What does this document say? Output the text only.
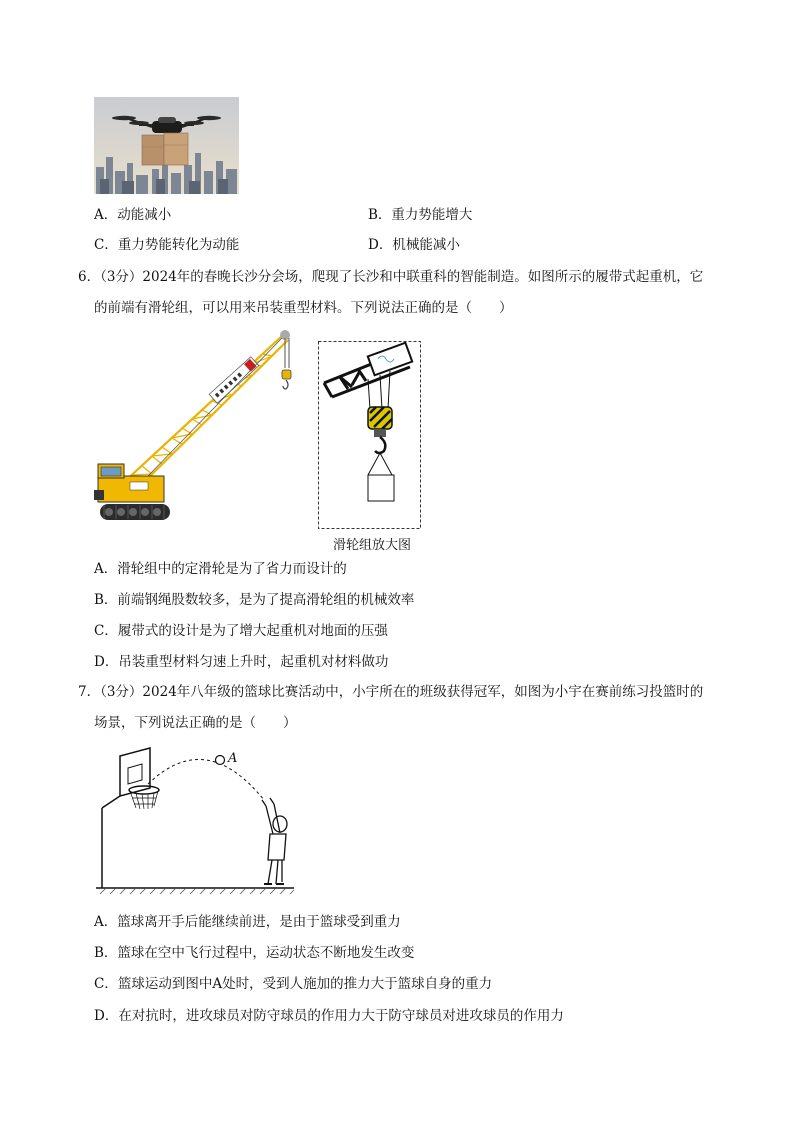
A．动能减小	B．重力势能增大
C．重力势能转化为动能	D．机械能减小
6．（3分）2024年的春晚长沙分会场，爬现了长沙和中联重科的智能制造。如图所示的履带式起重机，它
的前端有滑轮组，可以用来吊装重型材料。下列说法正确的是（　　）
滑轮组放大图
A．滑轮组中的定滑轮是为了省力而设计的
B．前端钢绳股数较多，是为了提高滑轮组的机械效率
C．履带式的设计是为了增大起重机对地面的压强
D．吊装重型材料匀速上升时，起重机对材料做功
7．（3分）2024年八年级的篮球比赛活动中，小宇所在的班级获得冠军，如图为小宇在赛前练习投篮时的
场景，下列说法正确的是（　　）
A
A．篮球离开手后能继续前进，是由于篮球受到重力
B．篮球在空中飞行过程中，运动状态不断地发生改变
C．篮球运动到图中A处时，受到人施加的推力大于篮球自身的重力
D．在对抗时，进攻球员对防守球员的作用力大于防守球员对进攻球员的作用力
